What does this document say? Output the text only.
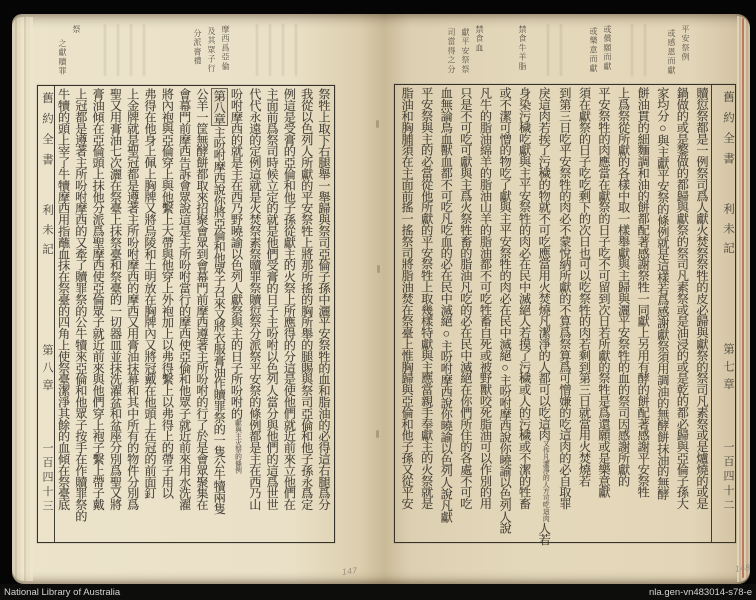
摩西爲亞倫
及其眾子行
分派膏禮
祭
之獻贖罪
舊約全書
利未記
第八章
一百四十三	祭牲上取下右腿舉一舉歸與祭司亞倫子孫中灑平安祭牲的血和脂油的必得這右腿爲分
我從以色列人所獻的平安祭牲上將那所搖的胸所舉的腿賜與祭司亞倫和他子孫永爲定
例這是受膏的亞倫和他子孫從獻主的火祭上所應得的分這是使他們就近前來立他們在
主面前爲祭司時候立定的就是他們受膏的日子主吩咐以色列人當分與他們的這爲世世
代代永遠的定例這就是火焚祭素祭贖罪祭贖愆祭分派祭平安祭的條例都是主在西乃山
吩咐摩西的就是主在西乃野曉諭以色列人獻祭與主的日子所吩咐的獻與主火祭的條例
第八章主吩咐摩西說你將亞倫和他眾子召來又將衣服膏油作贖罪祭的一隻公牛犢兩隻
公羊一筐無酵餅都取來招聚會眾到會幕門前摩西遵著主所吩咐的行了於是會眾聚集在
會幕門前摩西告訴會眾說這是主所吩咐當行的摩西使亞倫和他眾子就近前來用水洗濯
將內袍與亞倫穿上與他繫上大帶與他穿上外袍加上以弗得繫上以弗得上的帶子用以
弗得在他身上佩上胸牌又將烏陵和土明放在胸牌內又將冠戴在他頭上在冠的前面釘
上金牌就是聖冠都是遵著主所吩咐摩西的摩西又用膏油抹幕和其中所有的物件分別爲
聖又用膏油七次灑在祭臺上抹祭臺和祭臺的一切器皿並抹洗濯盆和盆座分別爲聖又將
膏油傾在亞倫頭上抹他分派爲聖摩西使亞倫眾子就近前來與他們穿上袍子繫上帶子戴
上冠都是遵著主所吩咐摩西的又牽了贖罪祭的公牛犢來亞倫和他眾子按手在作贖罪祭的
牛犢的頭上宰了牛犢摩西用指蘸血抹在祭臺的四角上使祭臺潔淨其餘的血傾在祭臺底
平安祭例
或感恩而獻
或償願而獻
或樂意而獻
禁食牛羊脂
禁食血
獻平安祭祭
司當得之分
舊約全書
利未記
第七章
一百四十二
贖愆祭都是一例祭司爲人獻火焚祭祭牲的皮必歸與獻祭的祭司凡素祭或是爐燒的或是
鍋做的或是鏊做的都歸與獻祭的祭司凡素祭或是油浸的或是乾的都必歸與亞倫子孫大
家均分○與主獻平安祭的條例就是這樣若爲感謝獻祭須用調油的無酵餅抹油的無酵
餅油貫的細麵調和油的餅都配著感謝祭牲一同獻上另用有酵的餅配著感謝平安祭牲
上爲祭從所獻的各樣中取一樣舉獻與主歸與灑平安祭牲的血的祭司因感謝所獻的
平安祭牲的肉應當在獻祭的日子吃不可留到次日若所獻的祭牲是爲還願或是樂意獻
須在獻祭的日子吃吃剩下的次日也可以吃祭牲的肉若剩到第三日就當用火焚燒若
到第三日吃平安祭牲的肉必不蒙悅納所獻的不算爲祭算爲可憎嫌的吃這肉的必自取罪
戾這肉若挨了污穢的物就不可吃應當用火焚燒凡潔淨的人都可以吃這肉又作凡潔淨的人方可吃這肉人若
身染污穢吃獻與主平安祭牲的肉必在民中滅絕人若摸了污穢或人的污穢或不潔的牲畜
或不潔可憎的物吃了獻與主平安祭牲的肉必在民中滅絕○主吩咐摩西說你曉諭以色列人說
凡牛的脂油綿羊的脂油山羊的脂油都不可吃牲畜自死或被野獸咬死脂油可以作別的用
只是不可吃可獻與主爲火祭牲畜的脂油凡吃的必在民中滅絕在你們所住的各處不可吃
血無論鳥血獸血都不可吃凡吃血的必在民中滅絕○主吩咐摩西說你曉諭以色列人說凡獻
平安祭與主的必當從他所獻的平安祭牲上取幾樣特獻與主應當親手奉獻主的火祭就是
脂油和胸脯須在主面前搖一搖祭司將脂油焚在祭臺上惟胸歸與亞倫和他子孫又從平安
147	148
National Library of Australia	nla.gen-vn483014-s78-e
